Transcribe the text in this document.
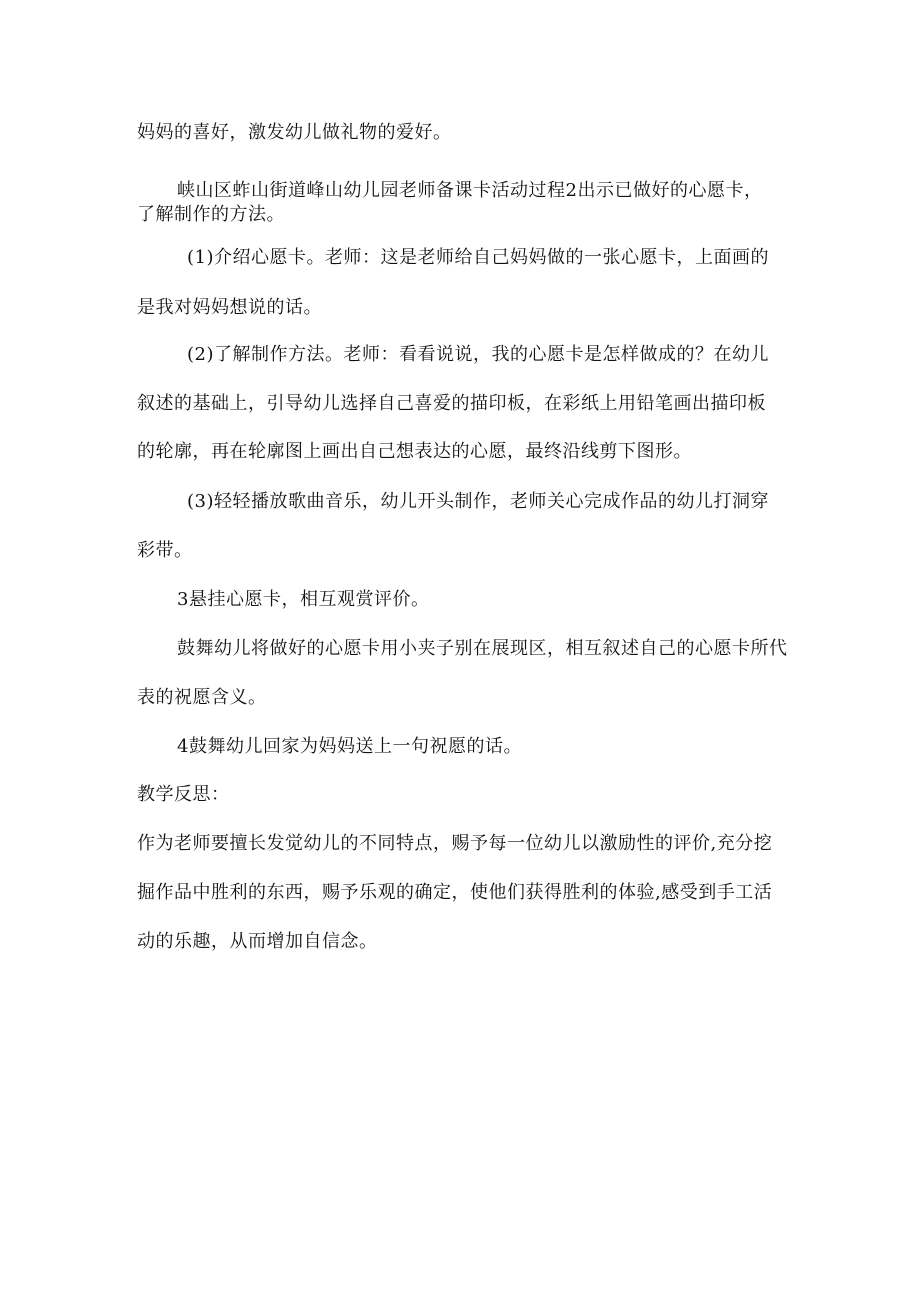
妈妈的喜好，激发幼儿做礼物的爱好。
峡山区蚱山街道峰山幼儿园老师备课卡活动过程2出示已做好的心愿卡，
了解制作的方法。
(1)介绍心愿卡。老师：这是老师给自己妈妈做的一张心愿卡，上面画的
是我对妈妈想说的话。
(2)了解制作方法。老师：看看说说，我的心愿卡是怎样做成的？在幼儿
叙述的基础上，引导幼儿选择自己喜爱的描印板，在彩纸上用铅笔画出描印板
的轮廓，再在轮廓图上画出自己想表达的心愿，最终沿线剪下图形。
(3)轻轻播放歌曲音乐，幼儿开头制作，老师关心完成作品的幼儿打洞穿
彩带。
3悬挂心愿卡，相互观赏评价。
鼓舞幼儿将做好的心愿卡用小夹子别在展现区，相互叙述自己的心愿卡所代
表的祝愿含义。
4鼓舞幼儿回家为妈妈送上一句祝愿的话。
教学反思：
作为老师要擅长发觉幼儿的不同特点，赐予每一位幼儿以激励性的评价,充分挖
掘作品中胜利的东西，赐予乐观的确定，使他们获得胜利的体验,感受到手工活
动的乐趣，从而增加自信念。
